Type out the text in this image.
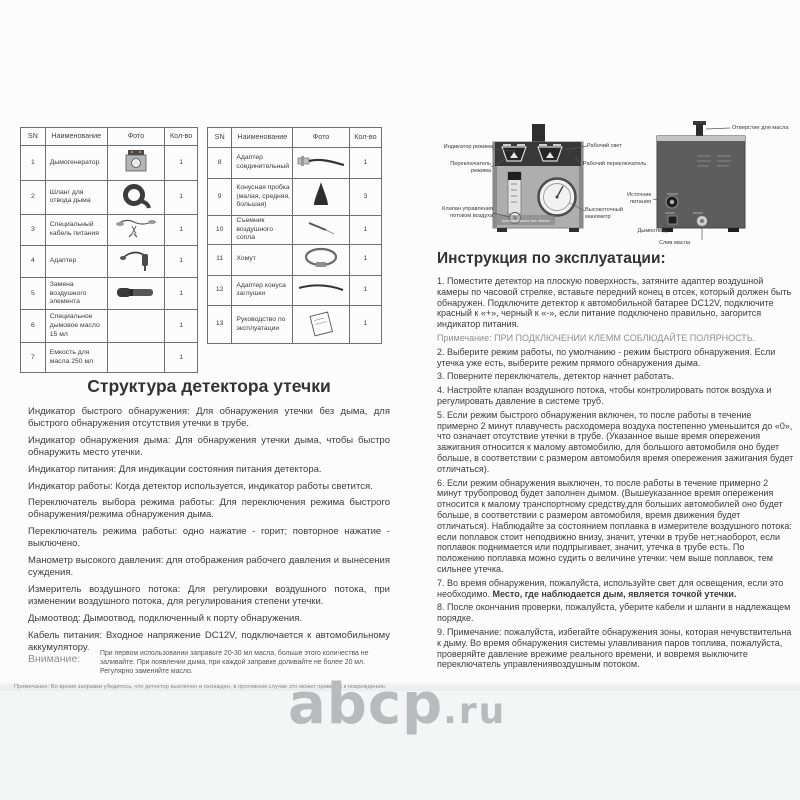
SN	Наименование	Фото	Кол-во
1	Дымогенератор		1
2	Шланг для отвода дыма		1
3	Специальный кабель питания		1
4	Адаптер		1
5	Замена воздушного элемента		1
6	Специальное дымовое масло 15 мл		1
7	Емкость для масла 250 мл		1
SN	Наименование	Фото	Кол-во
8	Адаптер соединительный		1
9	Конусная пробка (малая, средняя, большая)		3
10	Съемник воздушного сопла		1
11	Хомут		1
12	Адаптер конуса заглушки		1
13	Руководство по эксплуатации		1
Структура детектора утечки

Индикатор быстрого обнаружения: Для обнаружения утечки без дыма, для быстрого обнаружения отсутствия утечки в трубе.

Индикатор обнаружения дыма: Для обнаружения утечки дыма, чтобы быстро обнаружить место утечки.

Индикатор питания: Для индикации состояния питания детектора.

Индикатор работы: Когда детектор используется, индикатор работы светится.

Переключатель выбора режима работы: Для переключения режима быстрого обнаружения/режима обнаружения дыма.

Переключатель режима работы: одно нажатие - горит; повторное нажатие - выключено.

Манометр высокого давления: для отображения рабочего давления и вынесения суждения.

Измеритель воздушного потока: Для регулировки воздушного потока, при изменении воздушного потока, для регулирования степени утечки.

Дымоотвод: Дымоотвод, подключенный к порту обнаружения.

Кабель питания: Входное напряжение DC12V, подключается к автомобильному аккумулятору.

Внимание:	При первом использовании заправьте 20-30 мл масла, больше этого количества не заливайте. При появлении дыма, при каждой заправке доливайте не более 20 мл. Регулярно заменяйте масло.
Примечание: Во время заправки убедитесь, что детектор выключен и охлажден, в противном случае это может привести к повреждению.
Automotive smoke leak detector
Индикатор режима	Рабочий свет
Переключатель режима
Рабочий переключатель
Клапан управления потоком воздуха
Высокоточный манометр
Отверстие для масла
Источник питания
Дымоотвод
Слив масла
Инструкция по эксплуатации:

1. Поместите детектор на плоскую поверхность, затяните адаптер воздушной камеры по часовой стрелке, вставьте передний конец в отсек, который должен быть обнаружен. Подключите детектор к автомобильной батарее DC12V, подключите красный к «+», черный к «-», если питание подключено правильно, загорится индикатор питания.

Примечание: ПРИ ПОДКЛЮЧЕНИИ КЛЕММ СОБЛЮДАЙТЕ ПОЛЯРНОСТЬ.

2. Выберите режим работы, по умолчанию - режим быстрого обнаружения. Если утечка уже есть, выберите режим прямого обнаружения дыма.

3. Поверните переключатель, детектор начнет работать.

4. Настройте клапан воздушного потока, чтобы контролировать поток воздуха и регулировать давление в системе труб.

5. Если режим быстрого обнаружения включен, то после работы в течение примерно 2 минут плавучесть расходомера воздуха постепенно уменьшится до «0», что означает отсутствие утечки в трубе. (Указанное выше время опережения зажигания относится к малому автомобилю, для большого автомобиля оно будет больше, в соответствии с размером автомобиля время опережения зажигания будет отличаться).

6. Если режим обнаружения выключен, то после работы в течение примерно 2 минут трубопровод будет заполнен дымом. (Вышеуказанное время опережения относится к малому транспортному средству,для больших автомобилей оно будет больше, в соответствии с размером автомобиля, время движения будет отличаться). Наблюдайте за состоянием поплавка в измерителе воздушного потока: если поплавок стоит неподвижно внизу, значит, утечки в трубе нет;наоборот, если поплавок поднимается или подпрыгивает, значит, утечка в трубе есть. По положению поплавка можно судить о величине утечки: чем выше поплавок, тем сильнее утечка.

7. Во время обнаружения, пожалуйста, используйте свет для освещения, если это необходимо. Место, где наблюдается дым, является точкой утечки.

8. После окончания проверки, пожалуйста, уберите кабели и шланги в надлежащем порядке.

9. Примечание: пожалуйста, избегайте обнаружения зоны, которая нечувствительна к дыму. Во время обнаружения системы улавливания паров топлива, пожалуйста, проверяйте давление врежиме реального времени, и вовремя выключите переключатель управлениявоздушным потоком.

abcp.ru
